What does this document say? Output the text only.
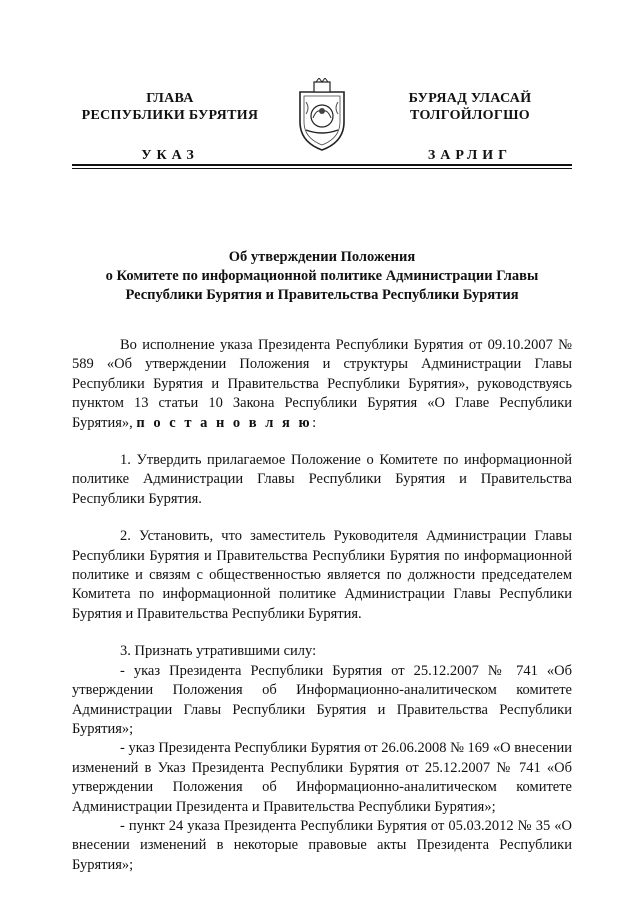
ГЛАВА
РЕСПУБЛИКИ БУРЯТИЯ
УКАЗ
БУРЯАД УЛАСАЙ
ТОЛГОЙЛОГШО
ЗАРЛИГ
Об утверждении Положения
о Комитете по информационной политике Администрации Главы
Республики Бурятия и Правительства Республики Бурятия

Во исполнение указа Президента Республики Бурятия от 09.10.2007 № 589 «Об утверждении Положения и структуры Администрации Главы Республики Бурятия и Правительства Республики Бурятия», руководствуясь пунктом 13 статьи 10 Закона Республики Бурятия «О Главе Республики Бурятия», п о с т а н о в л я ю:

1. Утвердить прилагаемое Положение о Комитете по информационной политике Администрации Главы Республики Бурятия и Правительства Республики Бурятия.

2. Установить, что заместитель Руководителя Администрации Главы Республики Бурятия и Правительства Республики Бурятия по информационной политике и связям с общественностью является по должности председателем Комитета по информационной политике Администрации Главы Республики Бурятия и Правительства Республики Бурятия.

3. Признать утратившими силу:

- указ Президента Республики Бурятия от 25.12.2007 № 741 «Об утверждении Положения об Информационно-аналитическом комитете Администрации Главы Республики Бурятия и Правительства Республики Бурятия»;

- указ Президента Республики Бурятия от 26.06.2008 № 169 «О внесении изменений в Указ Президента Республики Бурятия от 25.12.2007 № 741 «Об утверждении Положения об Информационно-аналитическом комитете Администрации Президента и Правительства Республики Бурятия»;

- пункт 24 указа Президента Республики Бурятия от 05.03.2012 № 35 «О внесении изменений в некоторые правовые акты Президента Республики Бурятия»;
